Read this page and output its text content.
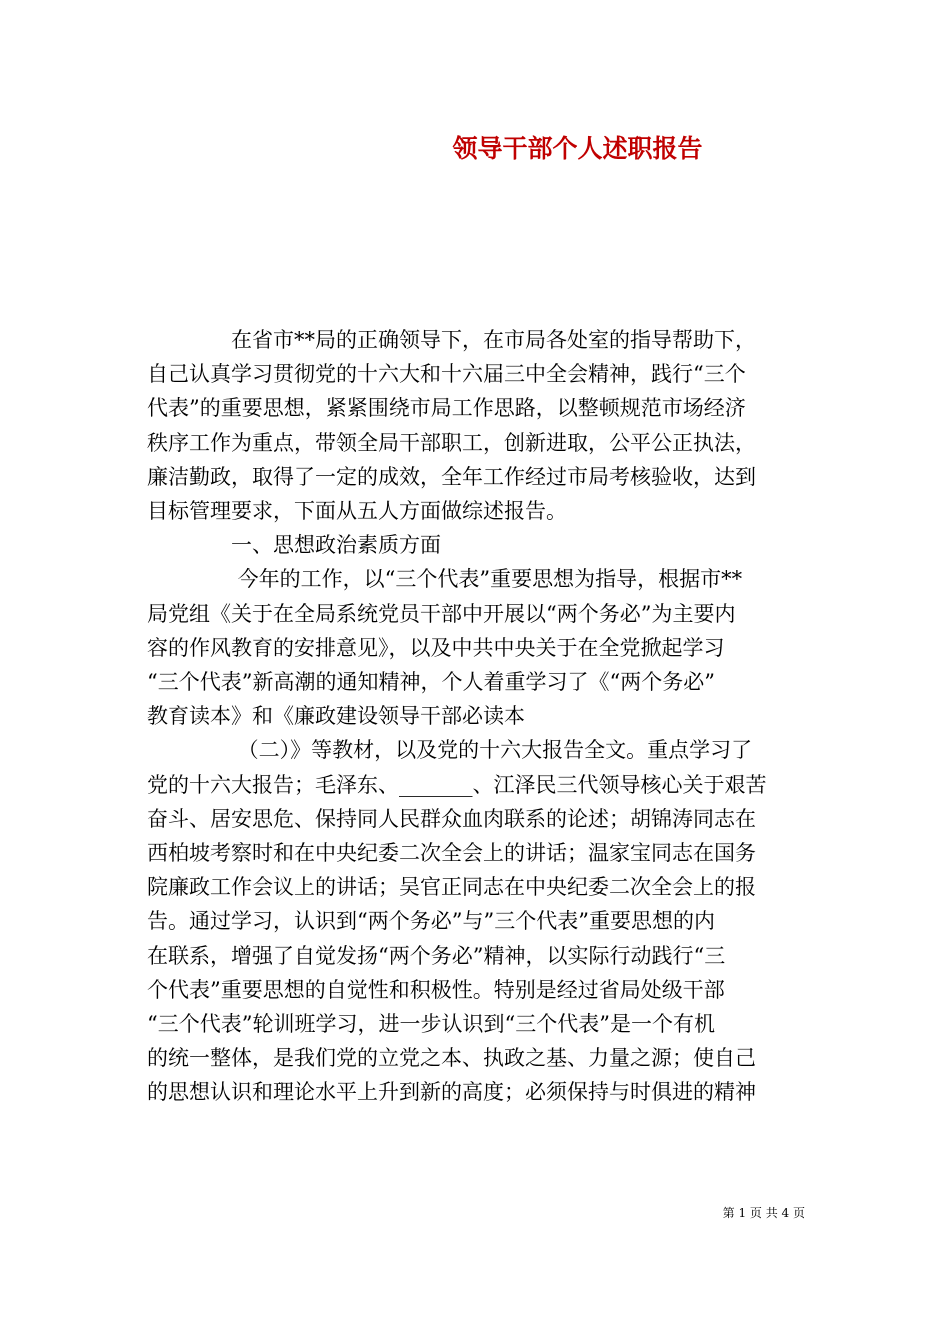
领导干部个人述职报告

　　　　在省市**局的正确领导下，在市局各处室的指导帮助下，

自己认真学习贯彻党的十六大和十六届三中全会精神，践行“三个

代表”的重要思想，紧紧围绕市局工作思路，以整顿规范市场经济

秩序工作为重点，带领全局干部职工，创新进取，公平公正执法，

廉洁勤政，取得了一定的成效，全年工作经过市局考核验收，达到

目标管理要求，下面从五人方面做综述报告。

　　　　一、思想政治素质方面

　　　　 今年的工作，以“三个代表”重要思想为指导，根据市**

局党组《关于在全局系统党员干部中开展以“两个务必”为主要内

容的作风教育的安排意见》，以及中共中央关于在全党掀起学习

“三个代表”新高潮的通知精神，个人着重学习了《“两个务必”

教育读本》和《廉政建设领导干部必读本

　　　　 （二）》等教材，以及党的十六大报告全文。重点学习了

党的十六大报告；毛泽东、_______、江泽民三代领导核心关于艰苦

奋斗、居安思危、保持同人民群众血肉联系的论述；胡锦涛同志在

西柏坡考察时和在中央纪委二次全会上的讲话；温家宝同志在国务

院廉政工作会议上的讲话；吴官正同志在中央纪委二次全会上的报

告。通过学习，认识到“两个务必”与”三个代表”重要思想的内

在联系，增强了自觉发扬“两个务必”精神，以实际行动践行“三

个代表”重要思想的自觉性和积极性。特别是经过省局处级干部

“三个代表”轮训班学习，进一步认识到“三个代表”是一个有机

的统一整体，是我们党的立党之本、执政之基、力量之源；使自己

的思想认识和理论水平上升到新的高度；必须保持与时俱进的精神

第 1 页 共 4 页
